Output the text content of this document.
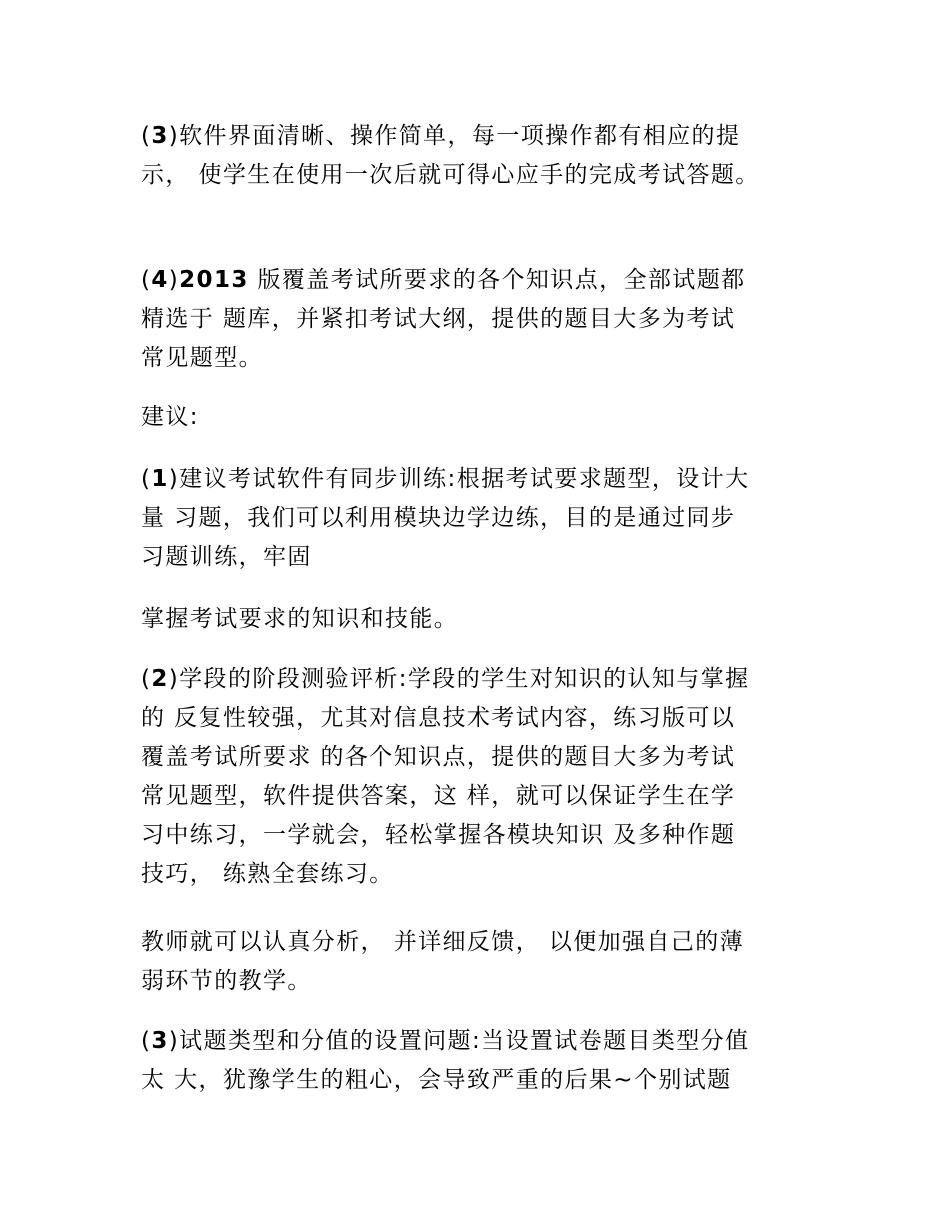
(3)软件界面清晰、操作简单，每一项操作都有相应的提
示， 使学生在使用一次后就可得心应手的完成考试答题。

(4)2013 版覆盖考试所要求的各个知识点，全部试题都
精选于 题库，并紧扣考试大纲，提供的题目大多为考试
常见题型。

建议:

(1)建议考试软件有同步训练:根据考试要求题型，设计大
量 习题，我们可以利用模块边学边练，目的是通过同步
习题训练，牢固

掌握考试要求的知识和技能。

(2)学段的阶段测验评析:学段的学生对知识的认知与掌握
的 反复性较强，尤其对信息技术考试内容，练习版可以
覆盖考试所要求 的各个知识点，提供的题目大多为考试
常见题型，软件提供答案，这 样，就可以保证学生在学
习中练习，一学就会，轻松掌握各模块知识 及多种作题
技巧， 练熟全套练习。

教师就可以认真分析， 并详细反馈， 以便加强自己的薄
弱环节的教学。

(3)试题类型和分值的设置问题:当设置试卷题目类型分值
太 大，犹豫学生的粗心，会导致严重的后果~个别试题
